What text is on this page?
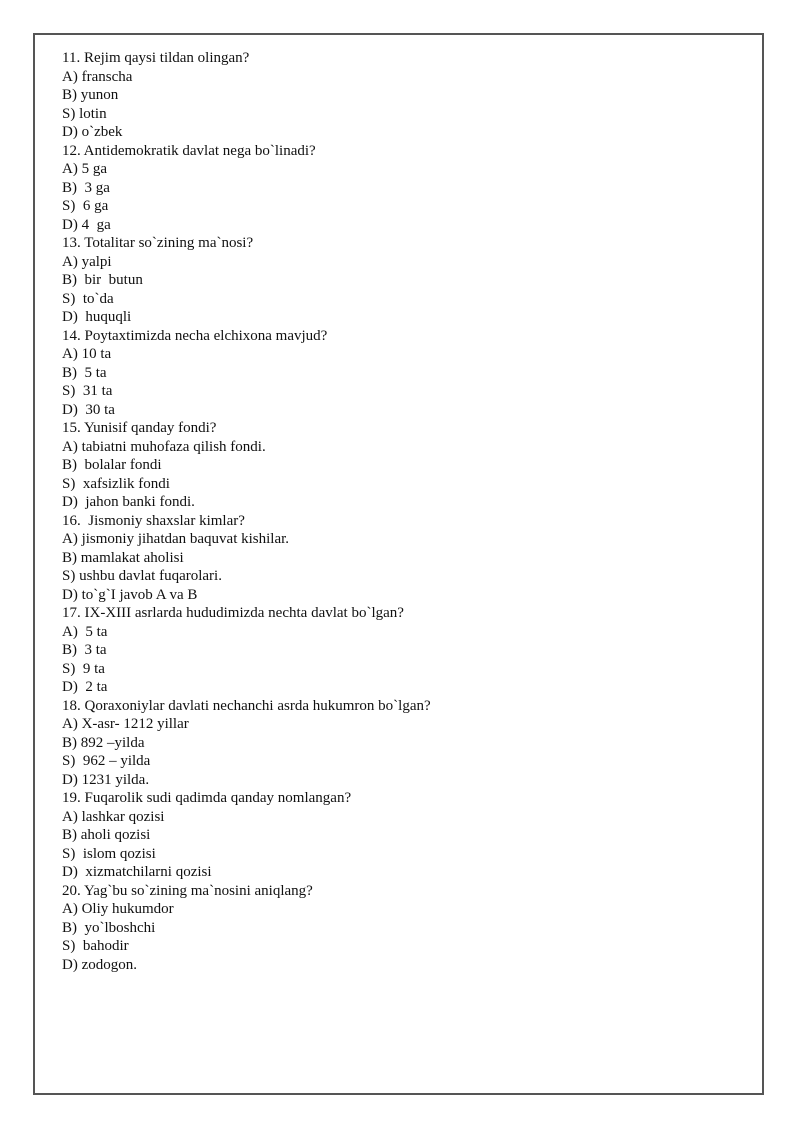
11. Rejim qaysi tildan olingan?
A) franscha
B) yunon
S) lotin
D) o`zbek
12. Antidemokratik davlat nega bo`linadi?
A) 5 ga
B)  3 ga
S)  6 ga
D) 4  ga
13. Totalitar so`zining ma`nosi?
A) yalpi
B)  bir  butun
S)  to`da
D)  huquqli
14. Poytaxtimizda necha elchixona mavjud?
A) 10 ta
B)  5 ta
S)  31 ta
D)  30 ta
15. Yunisif qanday fondi?
A) tabiatni muhofaza qilish fondi.
B)  bolalar fondi
S)  xafsizlik fondi
D)  jahon banki fondi.
16.  Jismoniy shaxslar kimlar?
A) jismoniy jihatdan baquvat kishilar.
B) mamlakat aholisi
S) ushbu davlat fuqarolari.
D) to`g`I javob A va B
17. IX-XIII asrlarda hududimizda nechta davlat bo`lgan?
A)  5 ta
B)  3 ta
S)  9 ta
D)  2 ta
18. Qoraxoniylar davlati nechanchi asrda hukumron bo`lgan?
A) X-asr- 1212 yillar
B) 892 –yilda
S)  962 – yilda
D) 1231 yilda.
19. Fuqarolik sudi qadimda qanday nomlangan?
A) lashkar qozisi
B) aholi qozisi
S)  islom qozisi
D)  xizmatchilarni qozisi
20. Yag`bu so`zining ma`nosini aniqlang?
A) Oliy hukumdor
B)  yo`lboshchi
S)  bahodir
D) zodogon.
